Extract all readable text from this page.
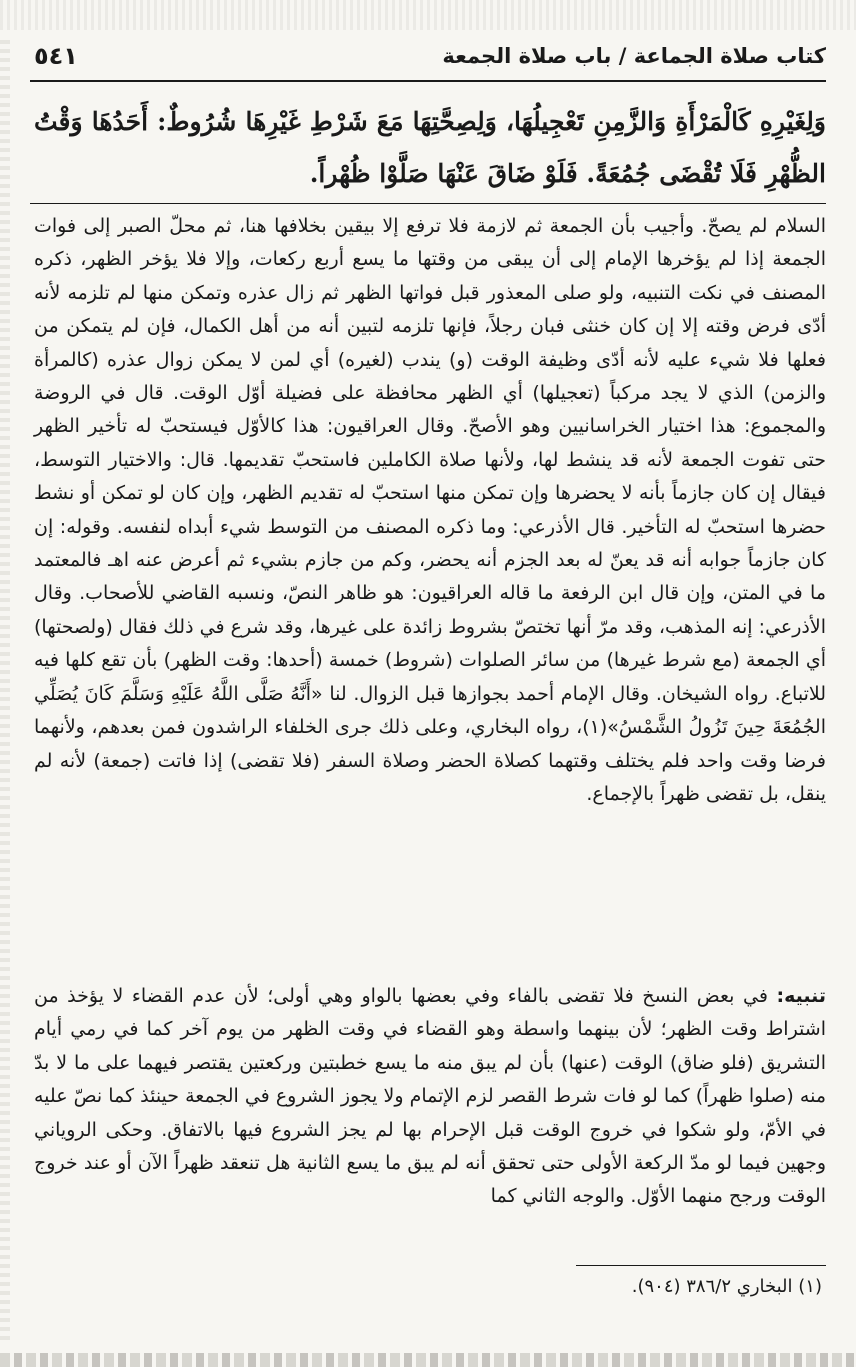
كتاب صلاة الجماعة / باب صلاة الجمعة
٥٤١
وَلِغَيْرِهِ كَالْمَرْأَةِ وَالزَّمِنِ تَعْجِيلُهَا، وَلِصِحَّتِهَا مَعَ شَرْطِ غَيْرِهَا شُرُوطٌ: أَحَدُهَا وَقْتُ الظُّهْرِ فَلَا تُقْضَى جُمُعَةً. فَلَوْ ضَاقَ عَنْهَا صَلَّوْا ظُهْراً.

السلام لم يصحّ. وأجيب بأن الجمعة ثم لازمة فلا ترفع إلا بيقين بخلافها هنا، ثم محلّ الصبر إلى فوات الجمعة إذا لم يؤخرها الإمام إلى أن يبقى من وقتها ما يسع أربع ركعات، وإلا فلا يؤخر الظهر، ذكره المصنف في نكت التنبيه، ولو صلى المعذور قبل فواتها الظهر ثم زال عذره وتمكن منها لم تلزمه لأنه أدّى فرض وقته إلا إن كان خنثى فبان رجلاً، فإنها تلزمه لتبين أنه من أهل الكمال، فإن لم يتمكن من فعلها فلا شيء عليه لأنه أدّى وظيفة الوقت (و) يندب (لغيره) أي لمن لا يمكن زوال عذره (كالمرأة والزمن) الذي لا يجد مركباً (تعجيلها) أي الظهر محافظة على فضيلة أوّل الوقت. قال في الروضة والمجموع: هذا اختيار الخراسانيين وهو الأصحّ. وقال العراقيون: هذا كالأوّل فيستحبّ له تأخير الظهر حتى تفوت الجمعة لأنه قد ينشط لها، ولأنها صلاة الكاملين فاستحبّ تقديمها. قال: والاختيار التوسط، فيقال إن كان جازماً بأنه لا يحضرها وإن تمكن منها استحبّ له تقديم الظهر، وإن كان لو تمكن أو نشط حضرها استحبّ له التأخير. قال الأذرعي: وما ذكره المصنف من التوسط شيء أبداه لنفسه. وقوله: إن كان جازماً جوابه أنه قد يعنّ له بعد الجزم أنه يحضر، وكم من جازم بشيء ثم أعرض عنه اهـ فالمعتمد ما في المتن، وإن قال ابن الرفعة ما قاله العراقيون: هو ظاهر النصّ، ونسبه القاضي للأصحاب. وقال الأذرعي: إنه المذهب، وقد مرّ أنها تختصّ بشروط زائدة على غيرها، وقد شرع في ذلك فقال (ولصحتها) أي الجمعة (مع شرط غيرها) من سائر الصلوات (شروط) خمسة (أحدها: وقت الظهر) بأن تقع كلها فيه للاتباع. رواه الشيخان. وقال الإمام أحمد بجوازها قبل الزوال. لنا «أَنَّهُ صَلَّى اللَّهُ عَلَيْهِ وَسَلَّمَ كَانَ يُصَلِّي الجُمُعَةَ حِينَ تَزُولُ الشَّمْسُ»(١)، رواه البخاري، وعلى ذلك جرى الخلفاء الراشدون فمن بعدهم، ولأنهما فرضا وقت واحد فلم يختلف وقتهما كصلاة الحضر وصلاة السفر (فلا تقضى) إذا فاتت (جمعة) لأنه لم ينقل، بل تقضى ظهراً بالإجماع.

تنبيه: في بعض النسخ فلا تقضى بالفاء وفي بعضها بالواو وهي أولى؛ لأن عدم القضاء لا يؤخذ من اشتراط وقت الظهر؛ لأن بينهما واسطة وهو القضاء في وقت الظهر من يوم آخر كما في رمي أيام التشريق (فلو ضاق) الوقت (عنها) بأن لم يبق منه ما يسع خطبتين وركعتين يقتصر فيهما على ما لا بدّ منه (صلوا ظهراً) كما لو فات شرط القصر لزم الإتمام ولا يجوز الشروع في الجمعة حينئذ كما نصّ عليه في الأمّ، ولو شكوا في خروج الوقت قبل الإحرام بها لم يجز الشروع فيها بالاتفاق. وحكى الروياني وجهين فيما لو مدّ الركعة الأولى حتى تحقق أنه لم يبق ما يسع الثانية هل تنعقد ظهراً الآن أو عند خروج الوقت ورجح منهما الأوّل. والوجه الثاني كما

(١) البخاري ٣٨٦/٢ (٩٠٤).
